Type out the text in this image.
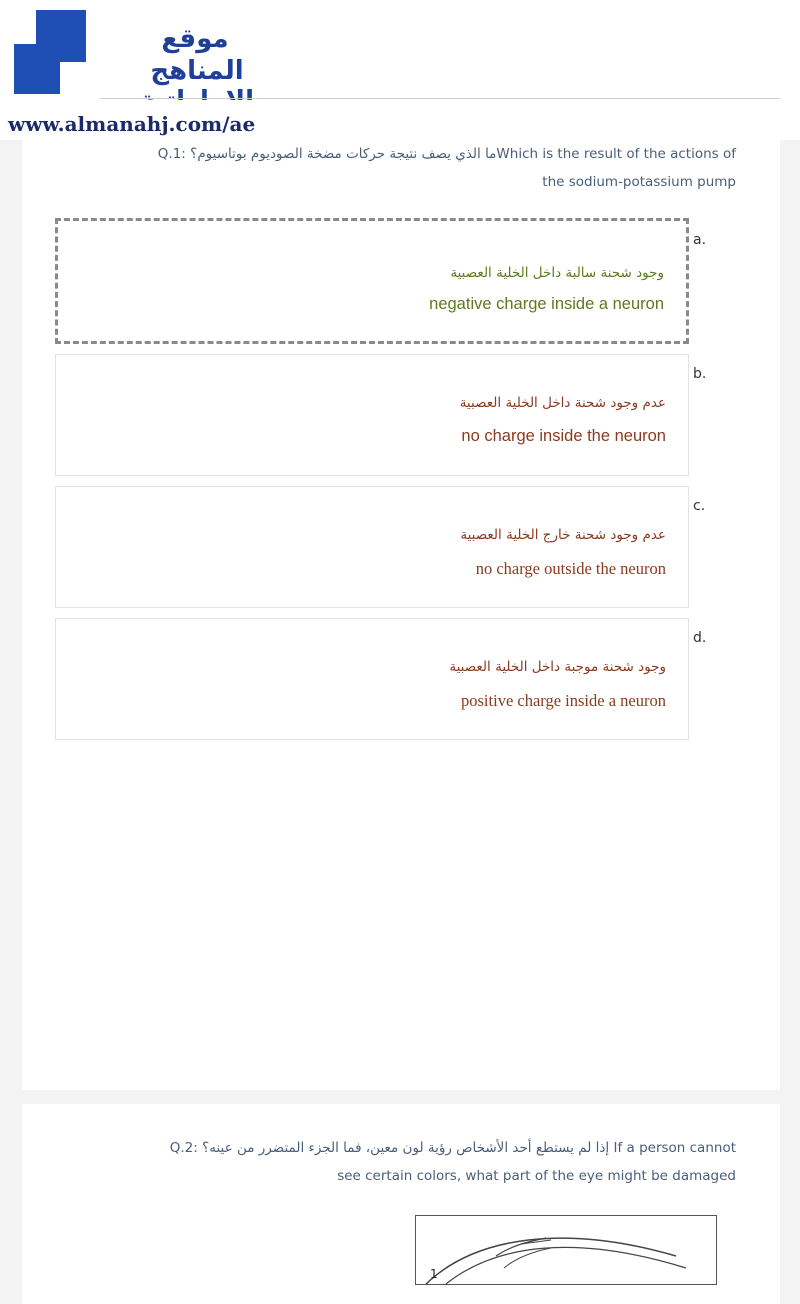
موقع
المناهج
Q.1: ما الذي يصف نتيجة حركات مضخة الصوديوم بوتاسيوم؟Which is the result of the actions of
the sodium-potassium pump
www.almanahj.com/ae
وجود شحنة سالبة داخل الخلية العصبية
negative charge inside a neuron
a.
عدم وجود شحنة داخل الخلية العصبية
no charge inside the neuron
b.
عدم وجود شحنة خارج الخلية العصبية
no charge outside the neuron
c.
وجود شحنة موجبة داخل الخلية العصبية
positive charge inside a neuron
d.
Q.2: إذا لم يستطع أحد الأشخاص رؤية لون معين، فما الجزء المتضرر من عينه؟ If a person cannot
see certain colors, what part of the eye might be damaged
1
